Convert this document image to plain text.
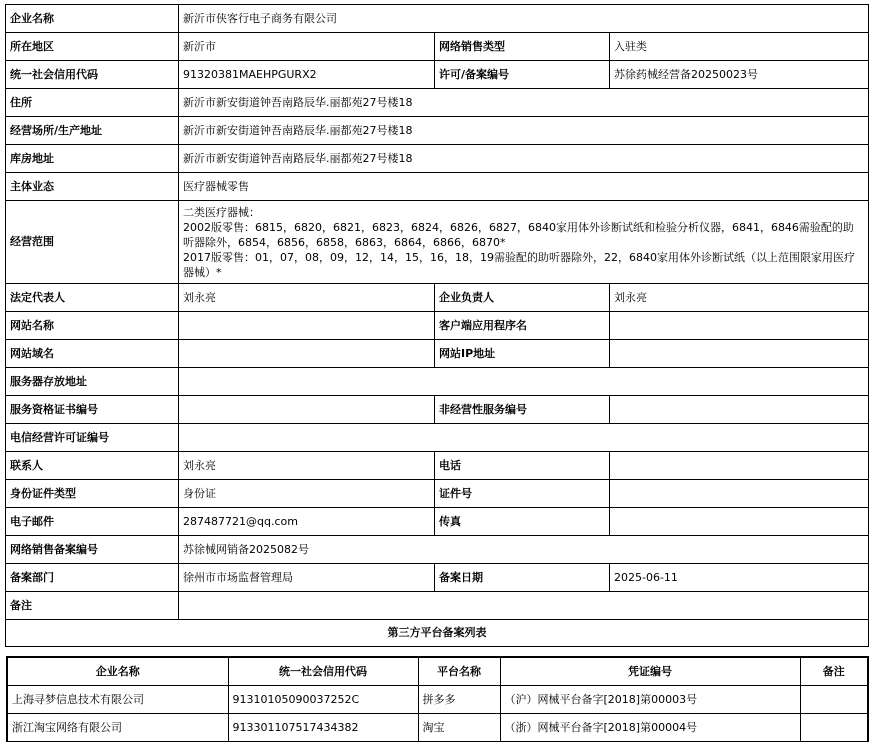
企业名称	新沂市侠客行电子商务有限公司		
所在地区	新沂市	网络销售类型	入驻类
统一社会信用代码	91320381MAEHPGURX2	许可/备案编号	苏徐药械经营备20250023号
住所	新沂市新安街道钟吾南路辰华.丽都苑27号楼18		
经营场所/生产地址	新沂市新安街道钟吾南路辰华.丽都苑27号楼18		
库房地址	新沂市新安街道钟吾南路辰华.丽都苑27号楼18		
主体业态	医疗器械零售		
经营范围	二类医疗器械：
2002版零售：6815，6820，6821，6823，6824，6826，6827，6840家用体外诊断试纸和检验分析仪器，6841，6846需验配的助听器除外，6854，6856，6858，6863，6864，6866，6870*
2017版零售：01，07，08，09，12，14，15，16，18，19需验配的助听器除外，22，6840家用体外诊断试纸（以上范围限家用医疗器械）*		

法定代表人	刘永亮	企业负责人	刘永亮
网站名称		客户端应用程序名	
网站域名		网站IP地址	
服务器存放地址			
服务资格证书编号		非经营性服务编号	
电信经营许可证编号			
联系人	刘永亮	电话	
身份证件类型	身份证	证件号	
电子邮件	287487721@qq.com	传真	
网络销售备案编号	苏徐械网销备2025082号		
备案部门	徐州市市场监督管理局	备案日期	2025-06-11
备注			
第三方平台备案列表			
企业名称	统一社会信用代码	平台名称	凭证编号	备注
上海寻梦信息技术有限公司	91310105090037252C	拼多多	（沪）网械平台备字[2018]第00003号	
浙江淘宝网络有限公司	91330110751743438​2	淘宝	（浙）网械平台备字[2018]第00004号	
